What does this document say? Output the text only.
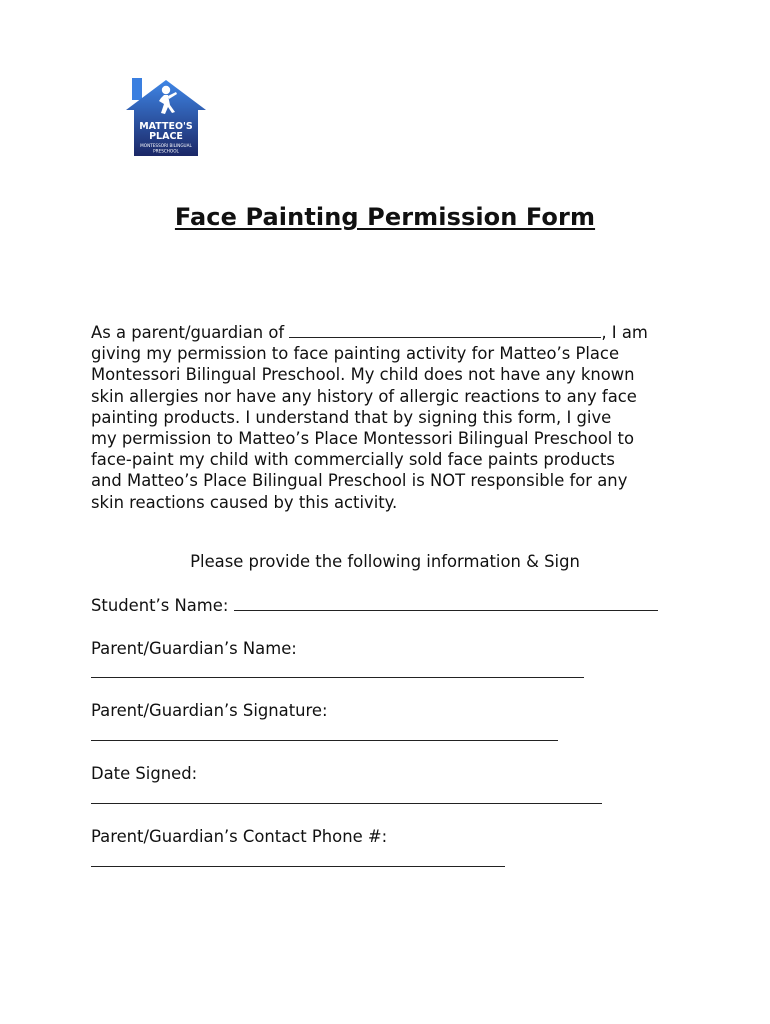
MATTEO'S
PLACE
MONTESSORI BILINGUAL
PRESCHOOL
Face Painting Permission Form
As a parent/guardian of	, I am
giving my permission to face painting activity for Matteo’s Place
Montessori Bilingual Preschool. My child does not have any known
skin allergies nor have any history of allergic reactions to any face
painting products. I understand that by signing this form, I give
my permission to Matteo’s Place Montessori Bilingual Preschool to
face-paint my child with commercially sold face paints products
and Matteo’s Place Bilingual Preschool is NOT responsible for any
skin reactions caused by this activity.
Please provide the following information & Sign
Student’s Name:
Parent/Guardian’s Name:
Parent/Guardian’s Signature:
Date Signed:
Parent/Guardian’s Contact Phone #:
